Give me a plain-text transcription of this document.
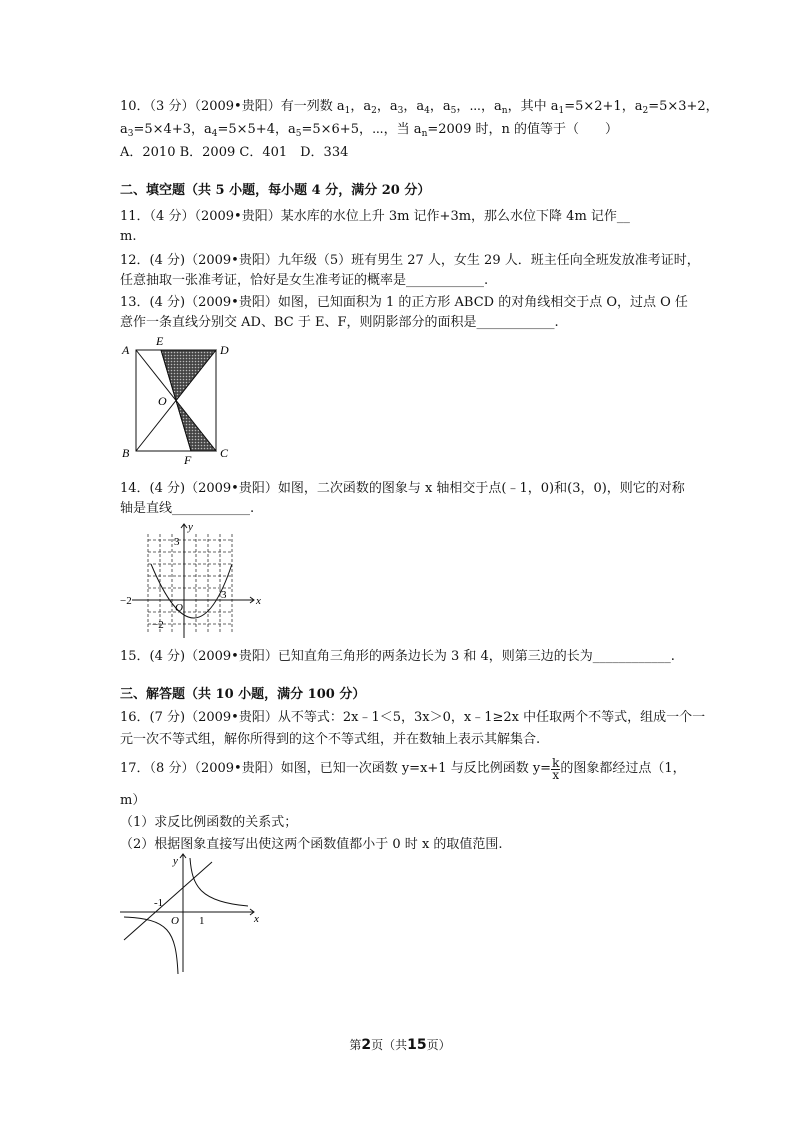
10．（3 分）（2009•贵阳）有一列数 $a_1$，$a_2$，$a_3$，$a_4$，$a_5$，⋯，$a_n$，其中 $a_1=5\times 2+1$，$a_2=5\times 3+2$，
$a_3=5\times 4+3$，$a_4=5\times 5+4$，$a_5=5\times 6+5$，⋯，当 $a_n=2009$ 时，n 的值等于（　　）
A．2010 B．2009 C．401　D．334
二、填空题（共 5 小题，每小题 4 分，满分 20 分）
11．（4 分）（2009•贵阳）某水库的水位上升 3m 记作+3m，那么水位下降 4m 记作__
m.
12．(4 分)（2009•贵阳）九年级（5）班有男生 27 人，女生 29 人．班主任向全班发放准考证时，
任意抽取一张准考证，恰好是女生准考证的概率是____________.
13．(4 分)（2009•贵阳）如图，已知面积为 1 的正方形 ABCD 的对角线相交于点 O，过点 O 任
意作一条直线分别交 AD、BC 于 E、F，则阴影部分的面积是____________.
A	D
E
O
B	C
F
14．(4 分)（2009•贵阳）如图，二次函数的图象与 x 轴相交于点(﹣1，0)和(3，0)，则它的对称
轴是直线____________.
y
x
3
−2
O
3
−2
15．(4 分)（2009•贵阳）已知直角三角形的两条边长为 3 和 4，则第三边的长为____________.
三、解答题（共 10 小题，满分 100 分）
16．(7 分)（2009•贵阳）从不等式：2x﹣1＜5，3x＞0，x﹣1≥2x 中任取两个不等式，组成一个一
元一次不等式组，解你所得到的这个不等式组，并在数轴上表示其解集合.
17．（8 分）（2009•贵阳）如图，已知一次函数 y=x+1 与反比例函数 $y= \frac{k}{x}$ 的图象都经过点（1，
m）
（1）求反比例函数的关系式；
（2）根据图象直接写出使这两个函数值都小于 0 时 x 的取值范围.
y
x
-1
O 1
第2页（共15页）
